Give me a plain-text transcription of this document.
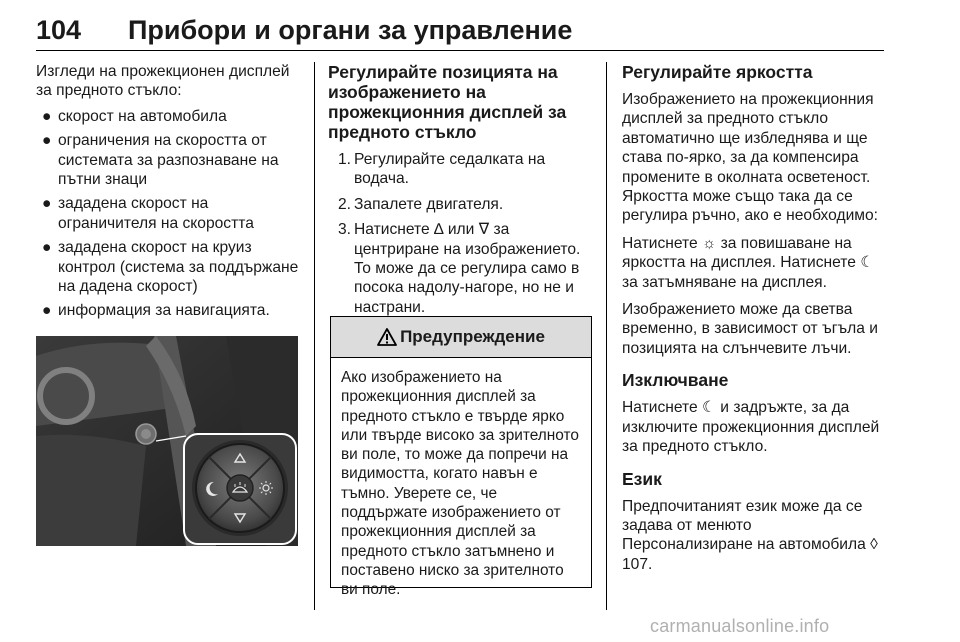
104 Прибори и органи за управление

Изгледи на прожекционен дисплей за предното стъкло:

● скорост на автомобила
● ограничения на скоростта от системата за разпознаване на пътни знаци
● зададена скорост на ограничителя на скоростта
● зададена скорост на круиз контрол (система за поддържане на дадена скорост)
● информация за навигацията.
Регулирайте позицията на изображението на прожекционния дисплей за предното стъкло
1. Регулирайте седалката на водача.
2. Запалете двигателя.
3. Натиснете ∆ или ∇ за центриране на изображението. То може да се регулира само в посока надолу-нагоре, но не и настрани.
Предупреждение

Ако изображението на прожекционния дисплей за предното стъкло е твърде ярко или твърде високо за зрителното ви поле, то може да попречи на видимостта, когато навън е тъмно. Уверете се, че поддържате изображението от прожекционния дисплей за предното стъкло затъмнено и поставено ниско за зрителното ви поле.

Регулирайте яркостта

Изображението на прожекционния дисплей за предното стъкло автоматично ще избледнява и ще става по-ярко, за да компенсира промените в околната осветеност. Яркостта може също така да се регулира ръчно, ако е необходимо:

Натиснете ☼ за повишаване на яркостта на дисплея. Натиснете ☾ за затъмняване на дисплея.

Изображението може да светва временно, в зависимост от ъгъла и позицията на слънчевите лъчи.

Изключване

Натиснете ☾ и задръжте, за да изключите прожекционния дисплей за предното стъкло.

Език

Предпочитаният език може да се задава от менюто Персонализиране на автомобила ◊ 107.

carmanualsonline.info
